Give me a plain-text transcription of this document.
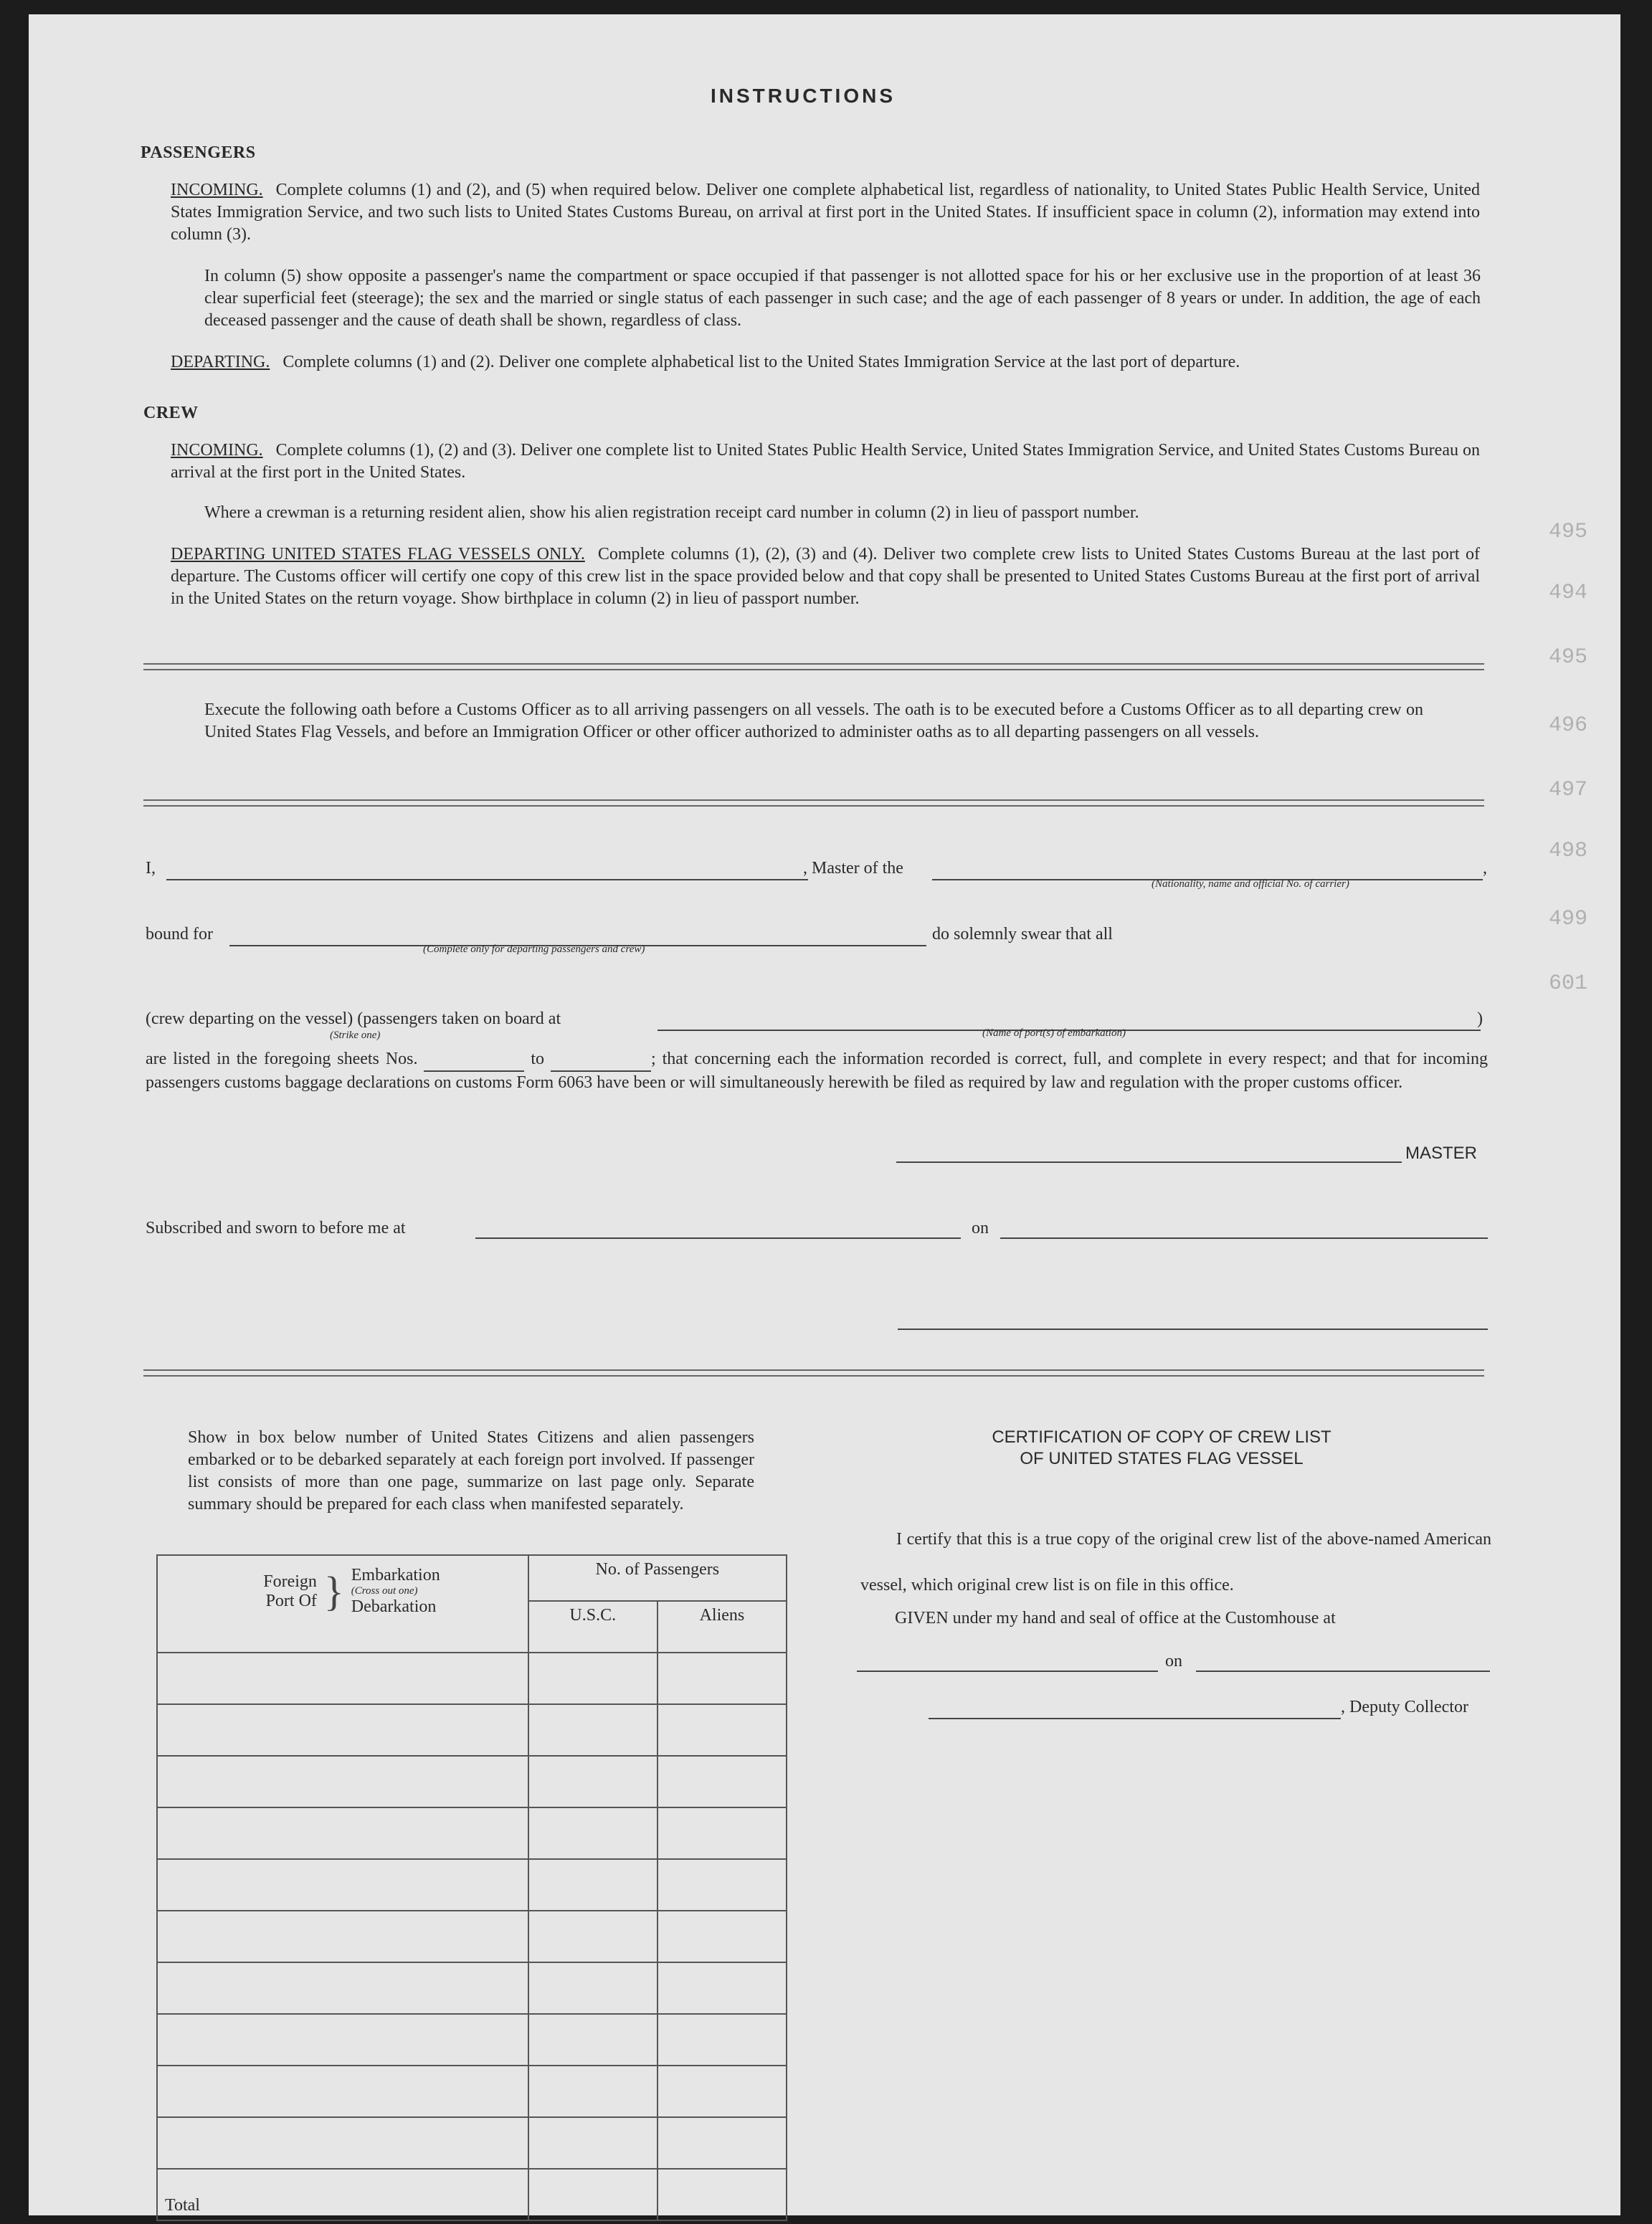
495
494
495
496
497
498
499
601
INSTRUCTIONS
PASSENGERS
INCOMING. Complete columns (1) and (2), and (5) when required below. Deliver one complete alphabetical list, regardless of nationality, to United States Public Health Service, United States Immigration Service, and two such lists to United States Customs Bureau, on arrival at first port in the United States. If insufficient space in column (2), information may extend into column (3).
In column (5) show opposite a passenger's name the compartment or space occupied if that passenger is not allotted space for his or her exclusive use in the proportion of at least 36 clear superficial feet (steerage); the sex and the married or single status of each passenger in such case; and the age of each passenger of 8 years or under. In addition, the age of each deceased passenger and the cause of death shall be shown, regardless of class.
DEPARTING. Complete columns (1) and (2). Deliver one complete alphabetical list to the United States Immigration Service at the last port of departure.
CREW
INCOMING. Complete columns (1), (2) and (3). Deliver one complete list to United States Public Health Service, United States Immigration Service, and United States Customs Bureau on arrival at the first port in the United States.
Where a crewman is a returning resident alien, show his alien registration receipt card number in column (2) in lieu of passport number.
DEPARTING UNITED STATES FLAG VESSELS ONLY. Complete columns (1), (2), (3) and (4). Deliver two complete crew lists to United States Customs Bureau at the last port of departure. The Customs officer will certify one copy of this crew list in the space provided below and that copy shall be presented to United States Customs Bureau at the first port of arrival in the United States on the return voyage. Show birthplace in column (2) in lieu of passport number.
Execute the following oath before a Customs Officer as to all arriving passengers on all vessels. The oath is to be executed before a Customs Officer as to all departing crew on United States Flag Vessels, and before an Immigration Officer or other officer authorized to administer oaths as to all departing passengers on all vessels.
I,	, Master of the	,
(Nationality, name and official No. of carrier)
bound for	do solemnly swear that all
(Complete only for departing passengers and crew)
(crew departing on the vessel) (passengers taken on board at	)
(Strike one)	(Name of port(s) of embarkation)
are listed in the foregoing sheets Nos.	to	; that concerning each the information recorded is correct, full, and complete in every respect; and that for incoming passengers customs baggage declarations on customs Form 6063 have been or will simultaneously herewith be filed as required by law and regulation with the proper customs officer.
MASTER
Subscribed and sworn to before me at	on
Show in box below number of United States Citizens and alien passengers embarked or to be debarked separately at each foreign port involved. If passenger list consists of more than one page, summarize on last page only. Separate summary should be prepared for each class when manifested separately.
Foreign Port Of } Embarkation
(Cross out one)
Debarkation	No. of Passengers	
	U.S.C.	Aliens

Total		
CERTIFICATION OF COPY OF CREW LIST
OF UNITED STATES FLAG VESSEL
I certify that this is a true copy of the original crew list of the above-named American vessel, which original crew list is on file in this office.
GIVEN under my hand and seal of office at the Customhouse at
on
, Deputy Collector
